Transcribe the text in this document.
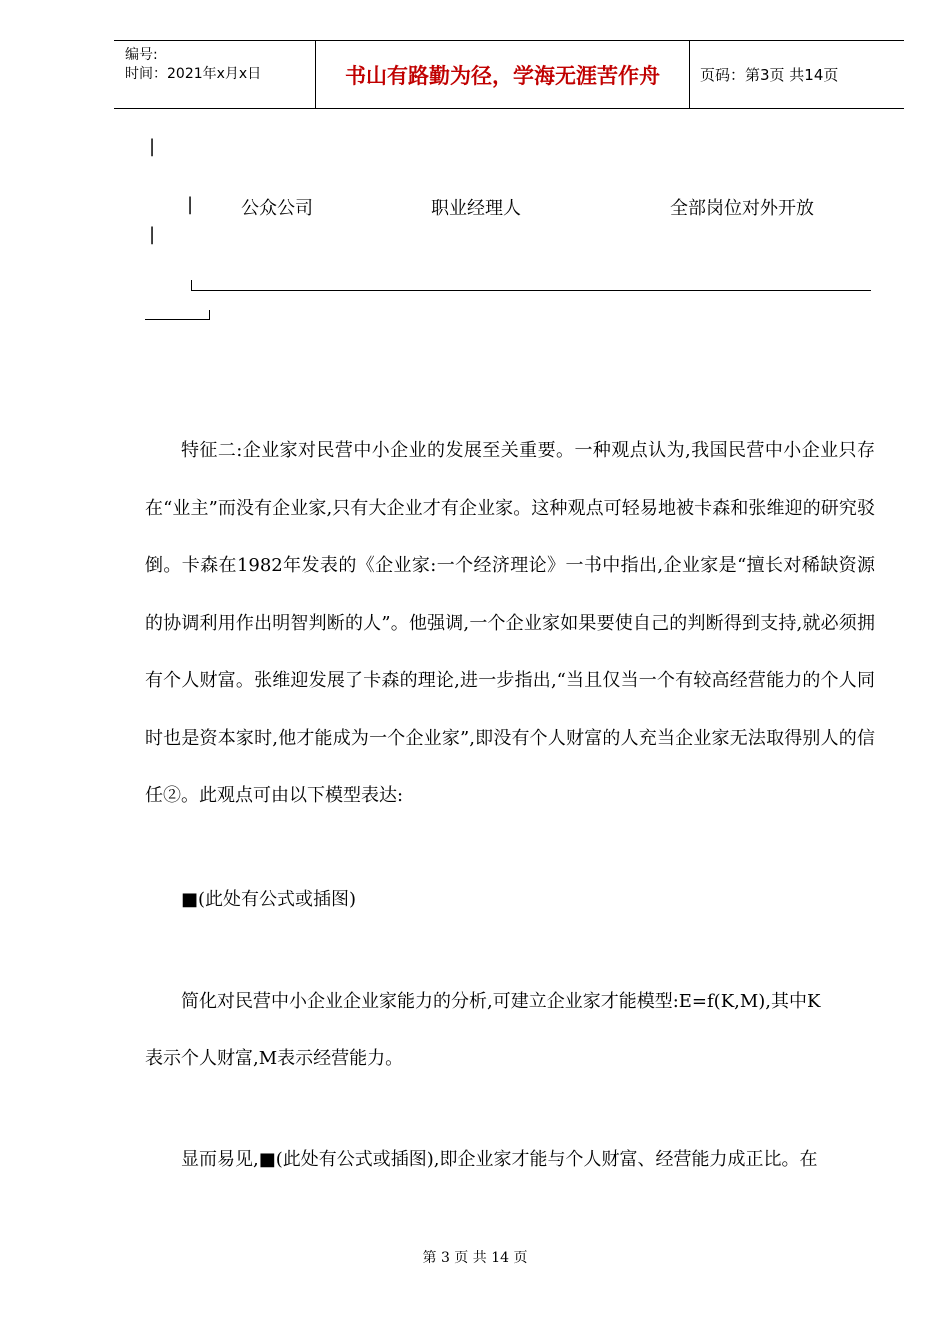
编号:
时间：2021年x月x日	书山有路勤为径，学海无涯苦作舟	页码：第3页 共14页
|
|	公众公司	职业经理人	全部岗位对外开放
|
特征二:企业家对民营中小企业的发展至关重要。一种观点认为,我国民营中小企业只存在“业主”而没有企业家,只有大企业才有企业家。这种观点可轻易地被卡森和张维迎的研究驳倒。卡森在1982年发表的《企业家:一个经济理论》一书中指出,企业家是“擅长对稀缺资源的协调利用作出明智判断的人”。他强调,一个企业家如果要使自己的判断得到支持,就必须拥有个人财富。张维迎发展了卡森的理论,进一步指出,“当且仅当一个有较高经营能力的个人同时也是资本家时,他才能成为一个企业家”,即没有个人财富的人充当企业家无法取得别人的信任②。此观点可由以下模型表达:
■(此处有公式或插图)
简化对民营中小企业企业家能力的分析,可建立企业家才能模型:E=f(K,M),其中K
表示个人财富,M表示经营能力。
显而易见,■(此处有公式或插图),即企业家才能与个人财富、经营能力成正比。在
第 3 页 共 14 页
